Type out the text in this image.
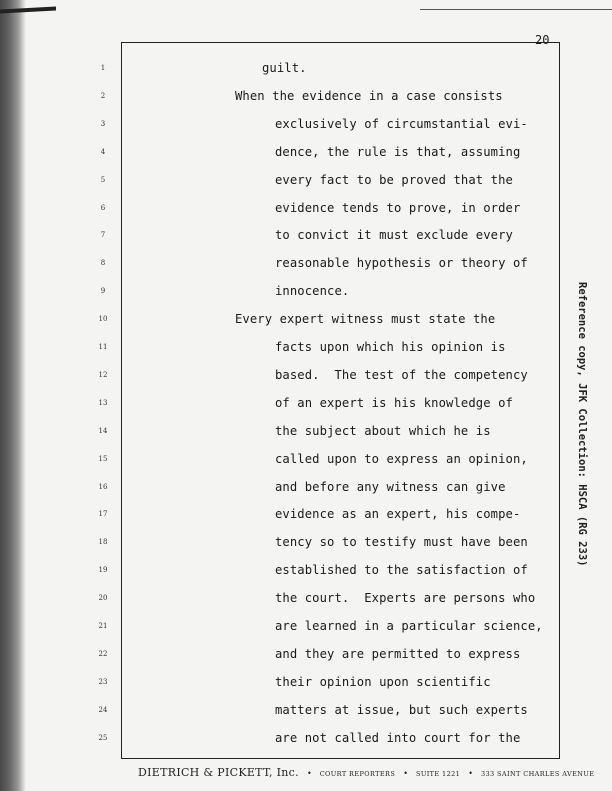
20
1
2
3
4
5
6
7
8
9
10
11
12
13
14
15
16
17
18
19
20
21
22
23
24
25
guilt.
When the evidence in a case consists
exclusively of circumstantial evi-
dence, the rule is that, assuming
every fact to be proved that the
evidence tends to prove, in order
to convict it must exclude every
reasonable hypothesis or theory of
innocence.
Every expert witness must state the
facts upon which his opinion is
based.  The test of the competency
of an expert is his knowledge of
the subject about which he is
called upon to express an opinion,
and before any witness can give
evidence as an expert, his compe-
tency so to testify must have been
established to the satisfaction of
the court.  Experts are persons who
are learned in a particular science,
and they are permitted to express
their opinion upon scientific
matters at issue, but such experts
are not called into court for the
Reference copy, JFK Collection: HSCA (RG 233)
DIETRICH & PICKETT, Inc. • COURT REPORTERS • SUITE 1221 • 333 SAINT CHARLES AVENUE
